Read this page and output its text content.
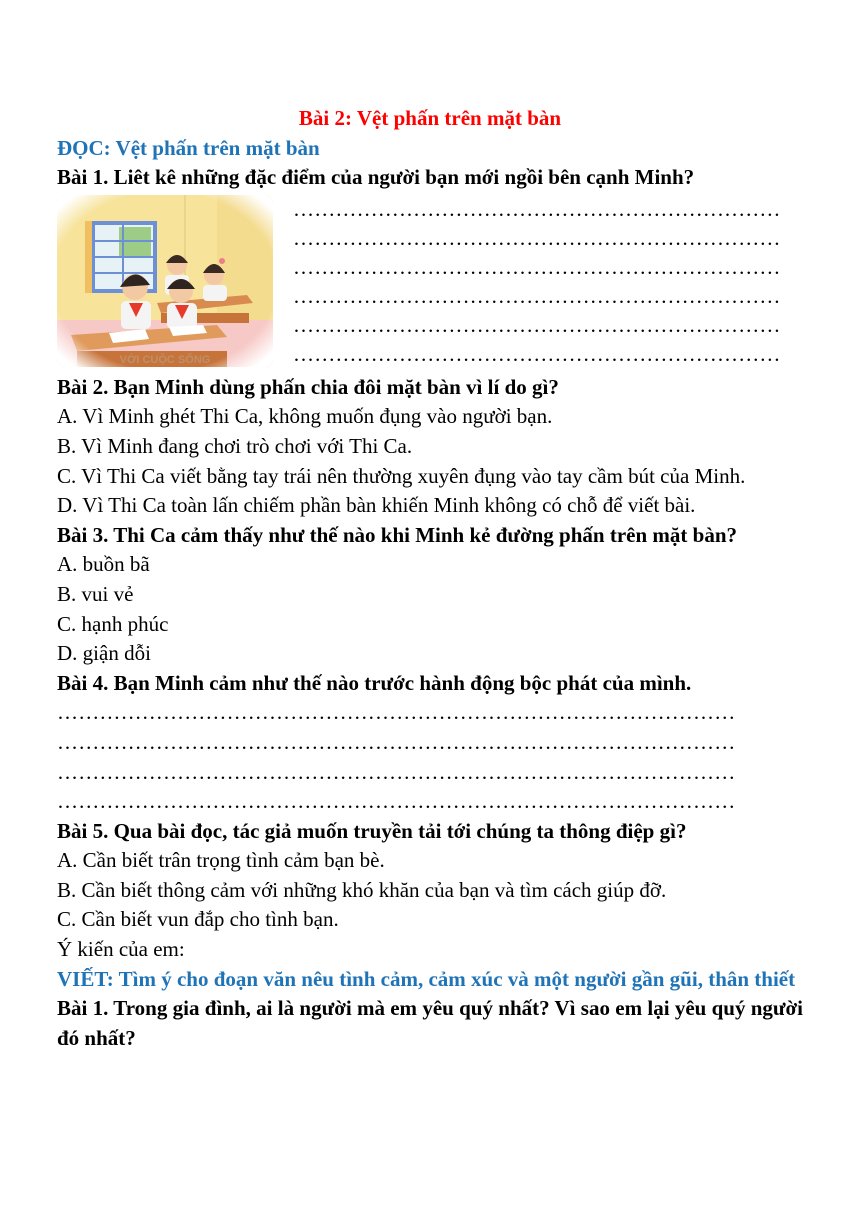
Bài 2: Vệt phấn trên mặt bàn
ĐỌC: Vệt phấn trên mặt bàn
Bài 1. Liêt kê những đặc điểm của người bạn mới ngồi bên cạnh Minh?
VỚI CUỘC SỐNG
……………………………………………………………
……………………………………………………………
……………………………………………………………
……………………………………………………………
……………………………………………………………
……………………………………………………………
Bài 2. Bạn Minh dùng phấn chia đôi mặt bàn vì lí do gì?
A. Vì Minh ghét Thi Ca, không muốn đụng vào người bạn.
B. Vì Minh đang chơi trò chơi với Thi Ca.
C. Vì Thi Ca viết bằng tay trái nên thường xuyên đụng vào tay cầm bút của Minh.
D. Vì Thi Ca toàn lấn chiếm phần bàn khiến Minh không có chỗ để viết bài.
Bài 3. Thi Ca cảm thấy như thế nào khi Minh kẻ đường phấn trên mặt bàn?
A. buồn bã
B. vui vẻ
C. hạnh phúc
D. giận dỗi
Bài 4. Bạn Minh cảm như thế nào trước hành động bộc phát của mình.
……………………………………………………………………………………
……………………………………………………………………………………
……………………………………………………………………………………
……………………………………………………………………………………
Bài 5. Qua bài đọc, tác giả muốn truyền tải tới chúng ta thông điệp gì?
A. Cần biết trân trọng tình cảm bạn bè.
B. Cần biết thông cảm với những khó khăn của bạn và tìm cách giúp đỡ.
C. Cần biết vun đắp cho tình bạn.
Ý kiến của em:
VIẾT: Tìm ý cho đoạn văn nêu tình cảm, cảm xúc và một người gần gũi, thân thiết
Bài 1. Trong gia đình, ai là người mà em yêu quý nhất? Vì sao em lại yêu quý người đó nhất?
